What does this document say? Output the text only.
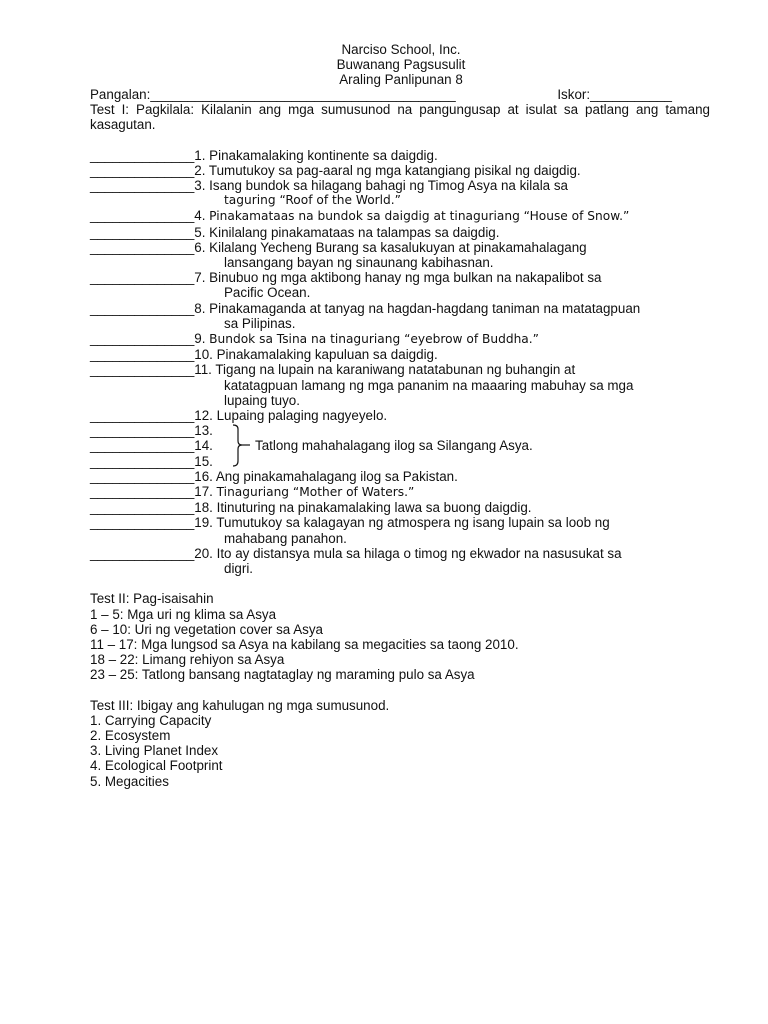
Narciso School, Inc.
Buwanang Pagsusulit
Araling Panlipunan 8
Pangalan:_________________________________________	Iskor:___________
Test I: Pagkilala: Kilalanin ang mga sumusunod na pangungusap at isulat sa patlang ang tamang kasagutan.
______________ 1. Pinakamalaking kontinente sa daigdig.
______________ 2. Tumutukoy sa pag-aaral ng mga katangiang pisikal ng daigdig.
______________ 3. Isang bundok sa hilagang bahagi ng Timog Asya na kilala sa
taguring “Roof of the World.”
______________ 4. Pinakamataas na bundok sa daigdig at tinaguriang “House of Snow.”
______________ 5. Kinilalang pinakamataas na talampas sa daigdig.
______________ 6. Kilalang Yecheng Burang sa kasalukuyan at pinakamahalagang
lansangang bayan ng sinaunang kabihasnan.
______________ 7. Binubuo ng mga aktibong hanay ng mga bulkan na nakapalibot sa
Pacific Ocean.
______________ 8. Pinakamaganda at tanyag na hagdan-hagdang taniman na matatagpuan
sa Pilipinas.
______________ 9. Bundok sa Tsina na tinaguriang “eyebrow of Buddha.”
______________ 10. Pinakamalaking kapuluan sa daigdig.
______________ 11. Tigang na lupain na karaniwang natatabunan ng buhangin at
katatagpuan lamang ng mga pananim na maaaring mabuhay sa mga
lupaing tuyo.
______________ 12. Lupaing palaging nagyeyelo.
______________ 13.
Tatlong mahahalagang ilog sa Silangang Asya.
______________ 14.
______________ 15.
______________ 16. Ang pinakamahalagang ilog sa Pakistan.
______________ 17. Tinaguriang “Mother of Waters.”
______________ 18. Itinuturing na pinakamalaking lawa sa buong daigdig.
______________ 19. Tumutukoy sa kalagayan ng atmospera ng isang lupain sa loob ng
mahabang panahon.
______________ 20. Ito ay distansya mula sa hilaga o timog ng ekwador na nasusukat sa
digri.
Test II: Pag-isaisahin
1 – 5: Mga uri ng klima sa Asya
6 – 10: Uri ng vegetation cover sa Asya
11 – 17: Mga lungsod sa Asya na kabilang sa megacities sa taong 2010.
18 – 22: Limang rehiyon sa Asya
23 – 25: Tatlong bansang nagtataglay ng maraming pulo sa Asya
Test III: Ibigay ang kahulugan ng mga sumusunod.
1. Carrying Capacity
2. Ecosystem
3. Living Planet Index
4. Ecological Footprint
5. Megacities
